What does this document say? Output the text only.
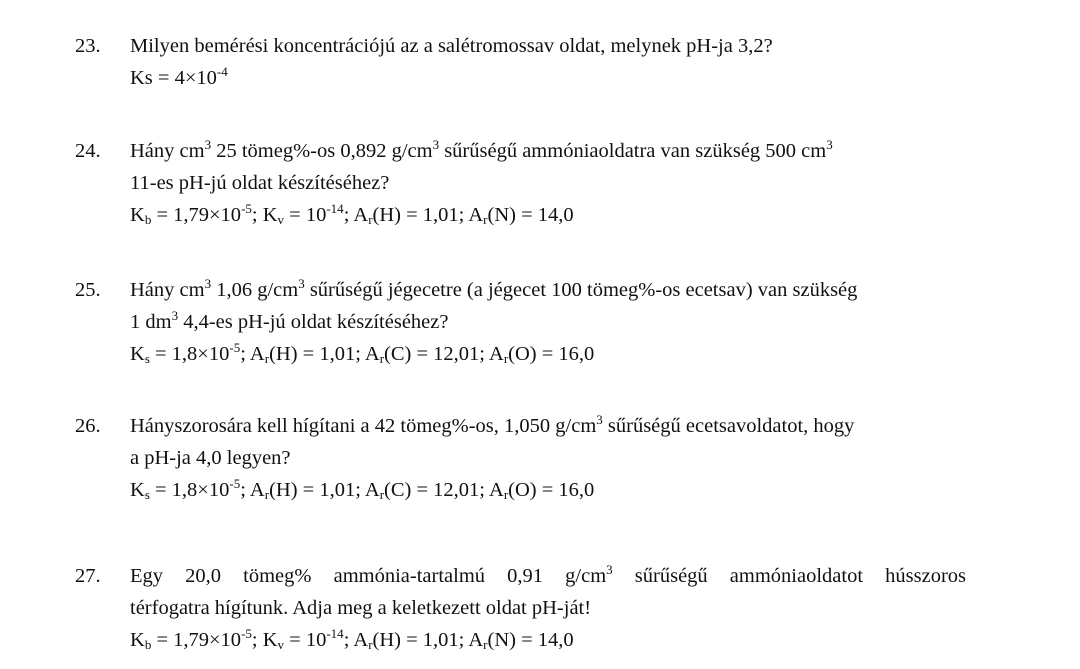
23. Milyen bemérési koncentrációjú az a salétromossav oldat, melynek pH-ja 3,2?
$Ks = 4\times 10^{-4}$
24. Hány $cm^3$ 25 tömeg%-os 0,892 $g/cm^3$ sűrűségű ammóniaoldatra van szükség 500 $cm^3$
11-es pH-jú oldat készítéséhez?
$K_b = 1,79\times 10^{-5}$; $K_v = 10^{-14}$; $A_r(H) = 1,01$; $A_r(N) = 14,0$
25. Hány $cm^3$ 1,06 $g/cm^3$ sűrűségű jégecetre (a jégecet 100 tömeg%-os ecetsav) van szükség
1 $dm^3$ 4,4-es pH-jú oldat készítéséhez?
$K_s = 1,8\times 10^{-5}$; $A_r(H) = 1,01$; $A_r(C) = 12,01$; $A_r(O) = 16,0$
26. Hányszorosára kell hígítani a 42 tömeg%-os, 1,050 $g/cm^3$ sűrűségű ecetsavoldatot, hogy
a pH-ja 4,0 legyen?
$K_s = 1,8\times 10^{-5}$; $A_r(H) = 1,01$; $A_r(C) = 12,01$; $A_r(O) = 16,0$
27. Egy 20,0 tömeg% ammónia-tartalmú 0,91 $g/cm^3$ sűrűségű ammóniaoldatot hússzoros
térfogatra hígítunk. Adja meg a keletkezett oldat pH-ját!
$K_b = 1,79\times 10^{-5}$; $K_v = 10^{-14}$; $A_r(H) = 1,01$; $A_r(N) = 14,0$
